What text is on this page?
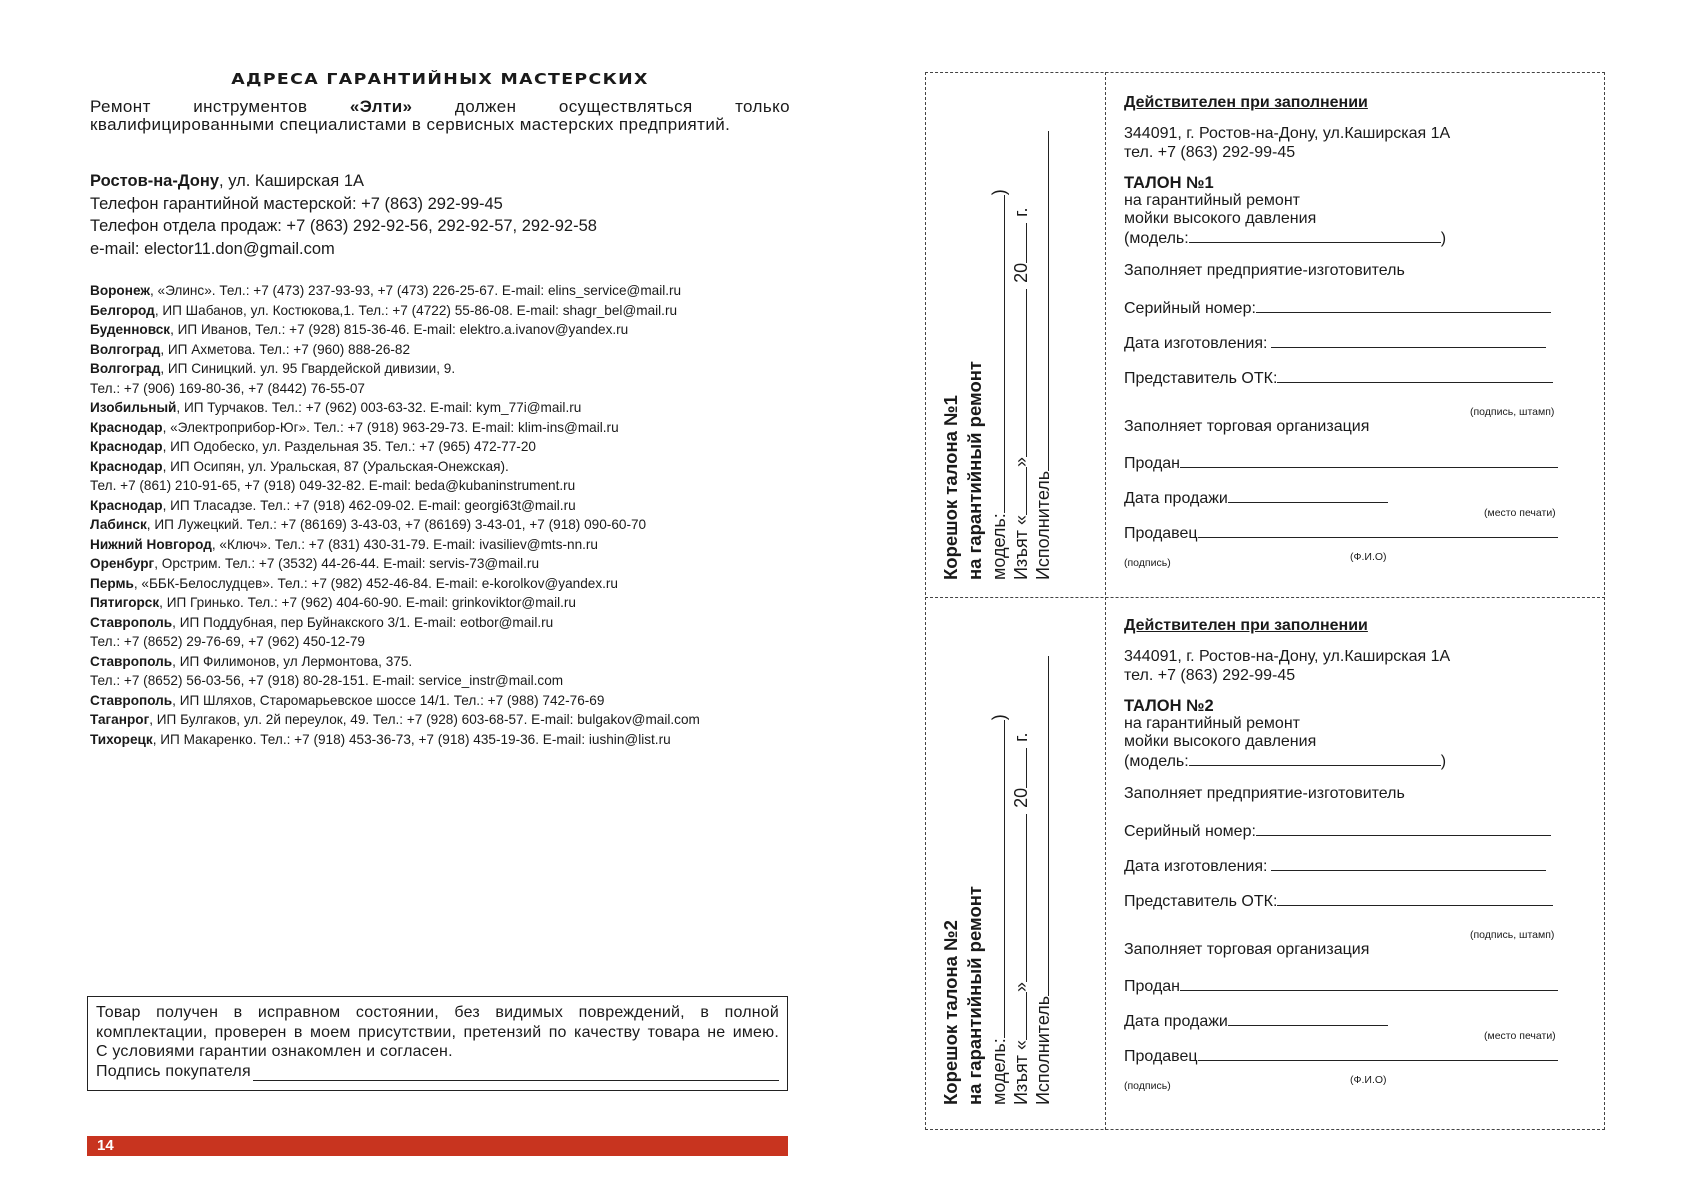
АДРЕСА ГАРАНТИЙНЫХ МАСТЕРСКИХ
Ремонт инструментов «Элти» должен осуществляться только квалифицированными специалистами в сервисных мастерских предприятий.
Ростов-на-Дону, ул. Каширская 1А
Телефон гарантийной мастерской: +7 (863) 292-99-45
Телефон отдела продаж: +7 (863) 292-92-56, 292-92-57, 292-92-58
e-mail: elector11.don@gmail.com
Воронеж, «Элинс». Тел.: +7 (473) 237-93-93, +7 (473) 226-25-67. E-mail: elins_service@mail.ru
Белгород, ИП Шабанов, ул. Костюкова,1. Тел.: +7 (4722) 55-86-08. E-mail: shagr_bel@mail.ru
Буденновск, ИП Иванов, Тел.: +7 (928) 815-36-46. E-mail: elektro.a.ivanov@yandex.ru
Волгоград, ИП Ахметова. Тел.: +7 (960) 888-26-82
Волгоград, ИП Синицкий. ул. 95 Гвардейской дивизии, 9.
Тел.: +7 (906) 169-80-36, +7 (8442) 76-55-07
Изобильный, ИП Турчаков. Тел.: +7 (962) 003-63-32. E-mail: kym_77i@mail.ru
Краснодар, «Электроприбор-Юг». Тел.: +7 (918) 963-29-73. E-mail: klim-ins@mail.ru
Краснодар, ИП Одобеско, ул. Раздельная 35. Тел.: +7 (965) 472-77-20
Краснодар, ИП Осипян, ул. Уральская, 87 (Уральская-Онежская).
Тел. +7 (861) 210-91-65, +7 (918) 049-32-82. E-mail: beda@kubaninstrument.ru
Краснодар, ИП Тласадзе. Тел.: +7 (918) 462-09-02. E-mail: georgi63t@mail.ru
Лабинск, ИП Лужецкий. Тел.: +7 (86169) 3-43-03, +7 (86169) 3-43-01, +7 (918) 090-60-70
Нижний Новгород, «Ключ». Тел.: +7 (831) 430-31-79. E-mail: ivasiliev@mts-nn.ru
Оренбург, Орстрим. Тел.: +7 (3532) 44-26-44. E-mail: servis-73@mail.ru
Пермь, «ББК-Белослудцев». Тел.: +7 (982) 452-46-84. E-mail: e-korolkov@yandex.ru
Пятигорск, ИП Гринько. Тел.: +7 (962) 404-60-90. E-mail: grinkoviktor@mail.ru
Ставрополь, ИП Поддубная, пер Буйнакского 3/1. E-mail: eotbor@mail.ru
Тел.: +7 (8652) 29-76-69, +7 (962) 450-12-79
Ставрополь, ИП Филимонов, ул Лермонтова, 375.
Тел.: +7 (8652) 56-03-56, +7 (918) 80-28-151. E-mail: service_instr@mail.com
Ставрополь, ИП Шляхов, Старомарьевское шоссе 14/1. Тел.: +7 (988) 742-76-69
Таганрог, ИП Булгаков, ул. 2й переулок, 49. Тел.: +7 (928) 603-68-57. E-mail: bulgakov@mail.com
Тихорецк, ИП Макаренко. Тел.: +7 (918) 453-36-73, +7 (918) 435-19-36. E-mail: iushin@list.ru
Товар получен в исправном состоянии, без видимых повреждений, в полной
комплектации, проверен в моем присутствии, претензий по качеству товара не имею.
С условиями гарантии ознакомлен и согласен.
Подпись покупателя
14
Действителен при заполнении
344091, г. Ростов-на-Дону, ул.Каширская 1А
тел. +7 (863) 292-99-45
ТАЛОН №1
на гарантийный ремонт
мойки высокого давления
(модель:	)
Заполняет предприятие-изготовитель
Серийный номер:
Дата изготовления:
Представитель ОТК:
(подпись, штамп)
Заполняет торговая организация
Продан
Дата продажи
(место печати)
Продавец
(подпись)	(Ф.И.О)
Корешок талона №1 на гарантийный ремонт модель:)
Изъят «»20г.
Исполнитель
Действителен при заполнении
344091, г. Ростов-на-Дону, ул.Каширская 1А
тел. +7 (863) 292-99-45
ТАЛОН №2
на гарантийный ремонт
мойки высокого давления
(модель:	)
Заполняет предприятие-изготовитель
Серийный номер:
Дата изготовления:
Представитель ОТК:
(подпись, штамп)
Заполняет торговая организация
Продан
Дата продажи
(место печати)
Продавец
(подпись)	(Ф.И.О)
Корешок талона №2 на гарантийный ремонт модель:)
Изъят «»20г.
Исполнитель
